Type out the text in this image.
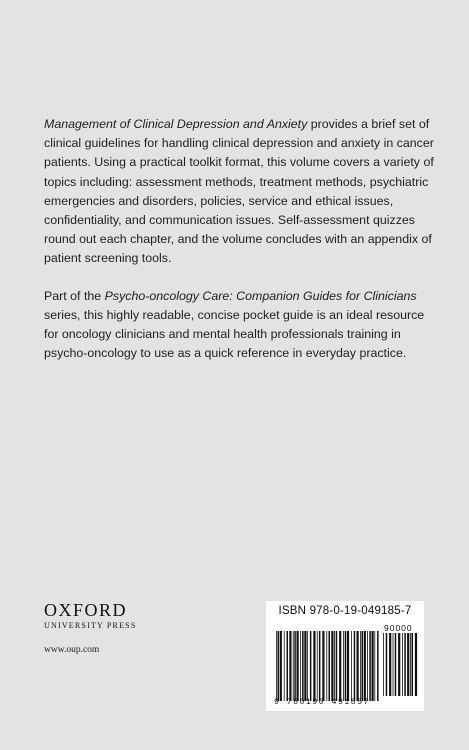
Management of Clinical Depression and Anxiety provides a brief set of clinical guidelines for handling clinical depression and anxiety in cancer patients. Using a practical toolkit format, this volume covers a variety of topics including: assessment methods, treatment methods, psychiatric emergencies and disorders, policies, service and ethical issues, confidentiality, and communication issues. Self-assessment quizzes round out each chapter, and the volume concludes with an appendix of patient screening tools.

Part of the Psycho-oncology Care: Companion Guides for Clinicians series, this highly readable, concise pocket guide is an ideal resource for oncology clinicians and mental health professionals training in psycho-oncology to use as a quick reference in everyday practice.

OXFORD
UNIVERSITY PRESS
www.oup.com
ISBN 978-0-19-049185-7
90000
9 780190 491857
